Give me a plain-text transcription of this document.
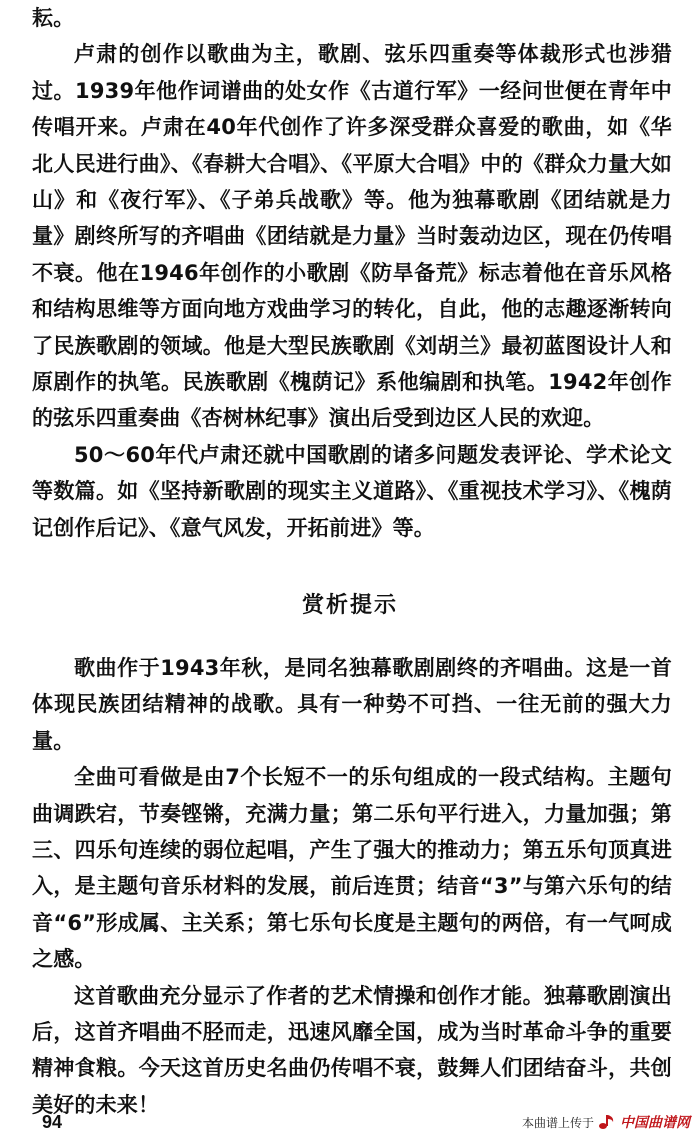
耘。

卢肃的创作以歌曲为主，歌剧、弦乐四重奏等体裁形式也涉猎过。1939年他作词谱曲的处女作《古道行军》一经问世便在青年中传唱开来。卢肃在40年代创作了许多深受群众喜爱的歌曲，如《华北人民进行曲》、《春耕大合唱》、《平原大合唱》中的《群众力量大如山》和《夜行军》、《子弟兵战歌》等。他为独幕歌剧《团结就是力量》剧终所写的齐唱曲《团结就是力量》当时轰动边区，现在仍传唱不衰。他在1946年创作的小歌剧《防旱备荒》标志着他在音乐风格和结构思维等方面向地方戏曲学习的转化，自此，他的志趣逐渐转向了民族歌剧的领域。他是大型民族歌剧《刘胡兰》最初蓝图设计人和原剧作的执笔。民族歌剧《槐荫记》系他编剧和执笔。1942年创作的弦乐四重奏曲《杏树林纪事》演出后受到边区人民的欢迎。

50～60年代卢肃还就中国歌剧的诸多问题发表评论、学术论文等数篇。如《坚持新歌剧的现实主义道路》、《重视技术学习》、《槐荫记创作后记》、《意气风发，开拓前进》等。

赏析提示

歌曲作于1943年秋，是同名独幕歌剧剧终的齐唱曲。这是一首体现民族团结精神的战歌。具有一种势不可挡、一往无前的强大力量。

全曲可看做是由7个长短不一的乐句组成的一段式结构。主题句曲调跌宕，节奏铿锵，充满力量；第二乐句平行进入，力量加强；第三、四乐句连续的弱位起唱，产生了强大的推动力；第五乐句顶真进入，是主题句音乐材料的发展，前后连贯；结音“3”与第六乐句的结音“6”形成属、主关系；第七乐句长度是主题句的两倍，有一气呵成之感。

这首歌曲充分显示了作者的艺术情操和创作才能。独幕歌剧演出后，这首齐唱曲不胫而走，迅速风靡全国，成为当时革命斗争的重要精神食粮。今天这首历史名曲仍传唱不衰，鼓舞人们团结奋斗，共创美好的未来！

94	本曲谱上传于 中国曲谱网
